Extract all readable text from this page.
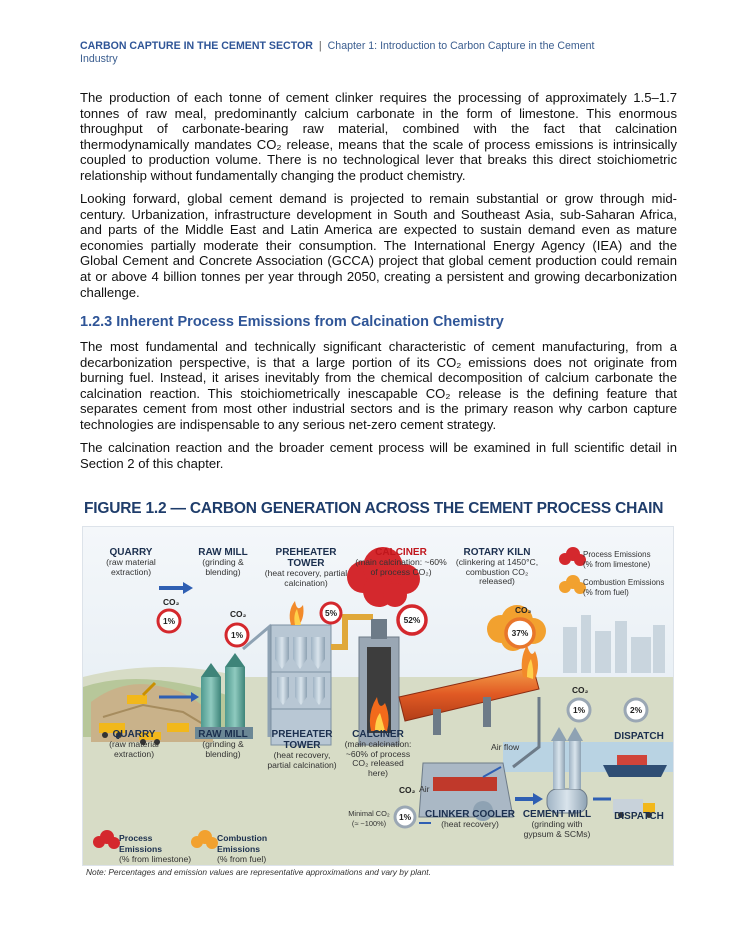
CARBON CAPTURE IN THE CEMENT SECTOR | Chapter 1: Introduction to Carbon Capture in the Cement
Industry
The production of each tonne of cement clinker requires the processing of approximately 1.5–1.7 tonnes of raw meal, predominantly calcium carbonate in the form of limestone. This enormous throughput of carbonate-bearing raw material, combined with the fact that calcination thermodynamically mandates CO₂ release, means that the scale of process emissions is intrinsically coupled to production volume. There is no technological lever that breaks this direct stoichiometric relationship without fundamentally changing the product chemistry.
Looking forward, global cement demand is projected to remain substantial or grow through mid-century. Urbanization, infrastructure development in South and Southeast Asia, sub-Saharan Africa, and parts of the Middle East and Latin America are expected to sustain demand even as mature economies partially moderate their consumption. The International Energy Agency (IEA) and the Global Cement and Concrete Association (GCCA) project that global cement production could remain at or above 4 billion tonnes per year through 2050, creating a persistent and growing decarbonization challenge.
1.2.3 Inherent Process Emissions from Calcination Chemistry
The most fundamental and technically significant characteristic of cement manufacturing, from a decarbonization perspective, is that a large portion of its CO₂ emissions does not originate from burning fuel. Instead, it arises inevitably from the chemical decomposition of calcium carbonate the calcination reaction. This stoichiometrically inescapable CO₂ release is the defining feature that separates cement from most other industrial sectors and is the primary reason why carbon capture technologies are indispensable to any serious net-zero cement strategy.
The calcination reaction and the broader cement process will be examined in full scientific detail in Section 2 of this chapter.
FIGURE 1.2 — CARBON GENERATION ACROSS THE CEMENT PROCESS CHAIN
CO₂
1%
CO₂
1%
5%
52%
CO₂
37%
CO₂
1%	2%
1%
CO₂
QUARRY
(raw material extraction)
RAW MILL
(grinding & blending)
PREHEATER TOWER
(heat recovery, partial calcination)
CALCINER
(main calcination: ~60% of process CO₂)
ROTARY KILN
(clinkering at 1450°C, combustion CO₂ released)
Process Emissions
(% from limestone)
Combustion Emissions
(% from fuel)
QUARRY
(raw material extraction)
RAW MILL
(grinding & blending)
PREHEATER TOWER
(heat recovery, partial calcination)
CALCINER
(main calcination: ~60% of process CO₂ released here)
CLINKER COOLER
(heat recovery)
CEMENT MILL
(grinding with gypsum & SCMs)
DISPATCH
DISPATCH
Air flow
Air
Minimal CO₂
(≈ ~100%)
Process Emissions
(% from limestone)
Combustion Emissions
(% from fuel)
Note: Percentages and emission values are representative approximations and vary by plant.
